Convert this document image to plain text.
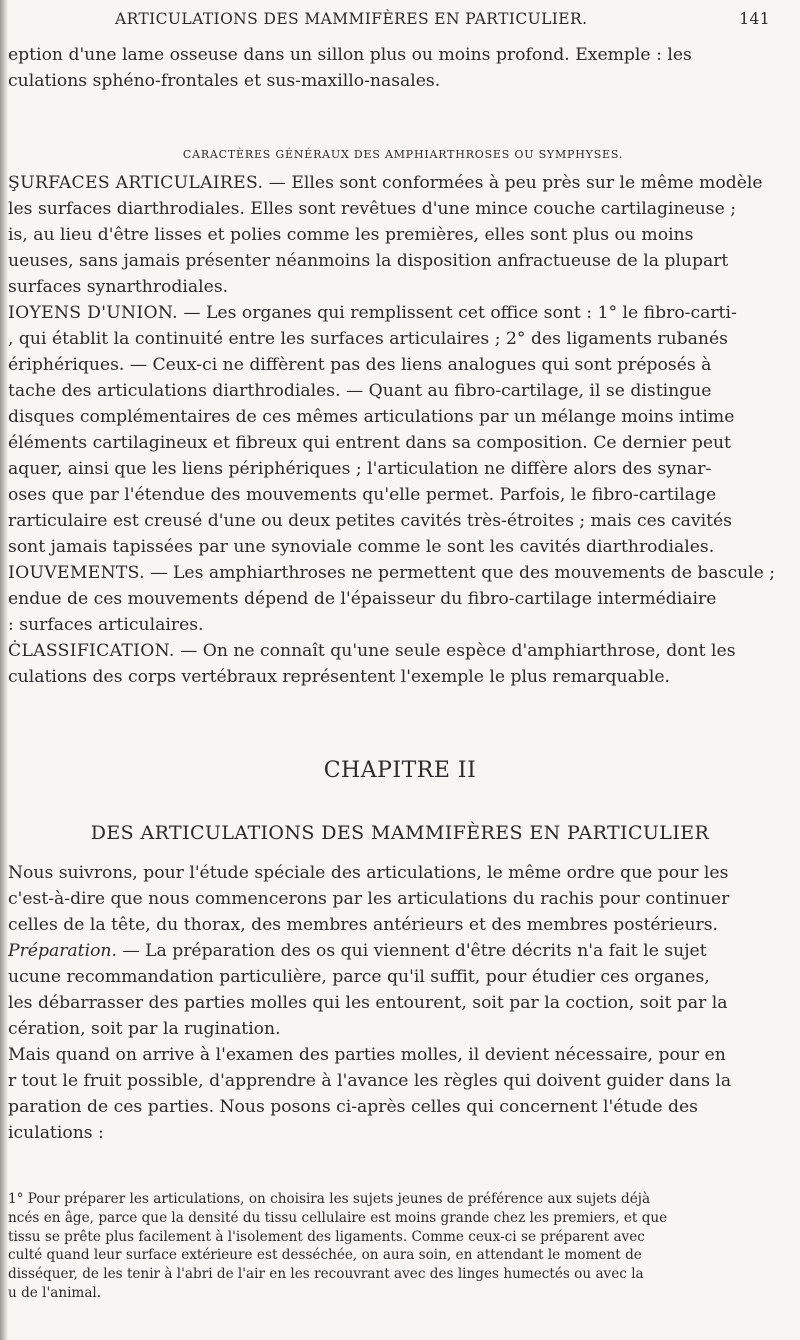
ARTICULATIONS DES MAMMIFÈRES EN PARTICULIER.	141

eption d'une lame osseuse dans un sillon plus ou moins profond. Exemple : les

culations sphéno-frontales et sus-maxillo-nasales.

CARACTÈRES GÉNÉRAUX DES AMPHIARTHROSES OU SYMPHYSES.

ŞURFACES ARTICULAIRES. — Elles sont conformées à peu près sur le même modèle

les surfaces diarthrodiales. Elles sont revêtues d'une mince couche cartilagineuse ;

is, au lieu d'être lisses et polies comme les premières, elles sont plus ou moins

ueuses, sans jamais présenter néanmoins la disposition anfractueuse de la plupart

surfaces synarthrodiales.

IOYENS D'UNION. — Les organes qui remplissent cet office sont : 1° le fibro-carti-

, qui établit la continuité entre les surfaces articulaires ; 2° des ligaments rubanés

ériphériques. — Ceux-ci ne diffèrent pas des liens analogues qui sont préposés à

tache des articulations diarthrodiales. — Quant au fibro-cartilage, il se distingue

disques complémentaires de ces mêmes articulations par un mélange moins intime

éléments cartilagineux et fibreux qui entrent dans sa composition. Ce dernier peut

aquer, ainsi que les liens périphériques ; l'articulation ne diffère alors des synar-

oses que par l'étendue des mouvements qu'elle permet. Parfois, le fibro-cartilage

rarticulaire est creusé d'une ou deux petites cavités très-étroites ; mais ces cavités

sont jamais tapissées par une synoviale comme le sont les cavités diarthrodiales.

IOUVEMENTS. — Les amphiarthroses ne permettent que des mouvements de bascule ;

endue de ces mouvements dépend de l'épaisseur du fibro-cartilage intermédiaire

: surfaces articulaires.

ĊLASSIFICATION. — On ne connaît qu'une seule espèce d'amphiarthrose, dont les

culations des corps vertébraux représentent l'exemple le plus remarquable.

CHAPITRE II
DES ARTICULATIONS DES MAMMIFÈRES EN PARTICULIER

Nous suivrons, pour l'étude spéciale des articulations, le même ordre que pour les

c'est-à-dire que nous commencerons par les articulations du rachis pour continuer

celles de la tête, du thorax, des membres antérieurs et des membres postérieurs.

Préparation. — La préparation des os qui viennent d'être décrits n'a fait le sujet

ucune recommandation particulière, parce qu'il suffit, pour étudier ces organes,

les débarrasser des parties molles qui les entourent, soit par la coction, soit par la

cération, soit par la rugination.

Mais quand on arrive à l'examen des parties molles, il devient nécessaire, pour en

r tout le fruit possible, d'apprendre à l'avance les règles qui doivent guider dans la

paration de ces parties. Nous posons ci-après celles qui concernent l'étude des

iculations :

1° Pour préparer les articulations, on choisira les sujets jeunes de préférence aux sujets déjà

ncés en âge, parce que la densité du tissu cellulaire est moins grande chez les premiers, et que

tissu se prête plus facilement à l'isolement des ligaments. Comme ceux-ci se préparent avec

culté quand leur surface extérieure est desséchée, on aura soin, en attendant le moment de

disséquer, de les tenir à l'abri de l'air en les recouvrant avec des linges humectés ou avec la

u de l'animal.
